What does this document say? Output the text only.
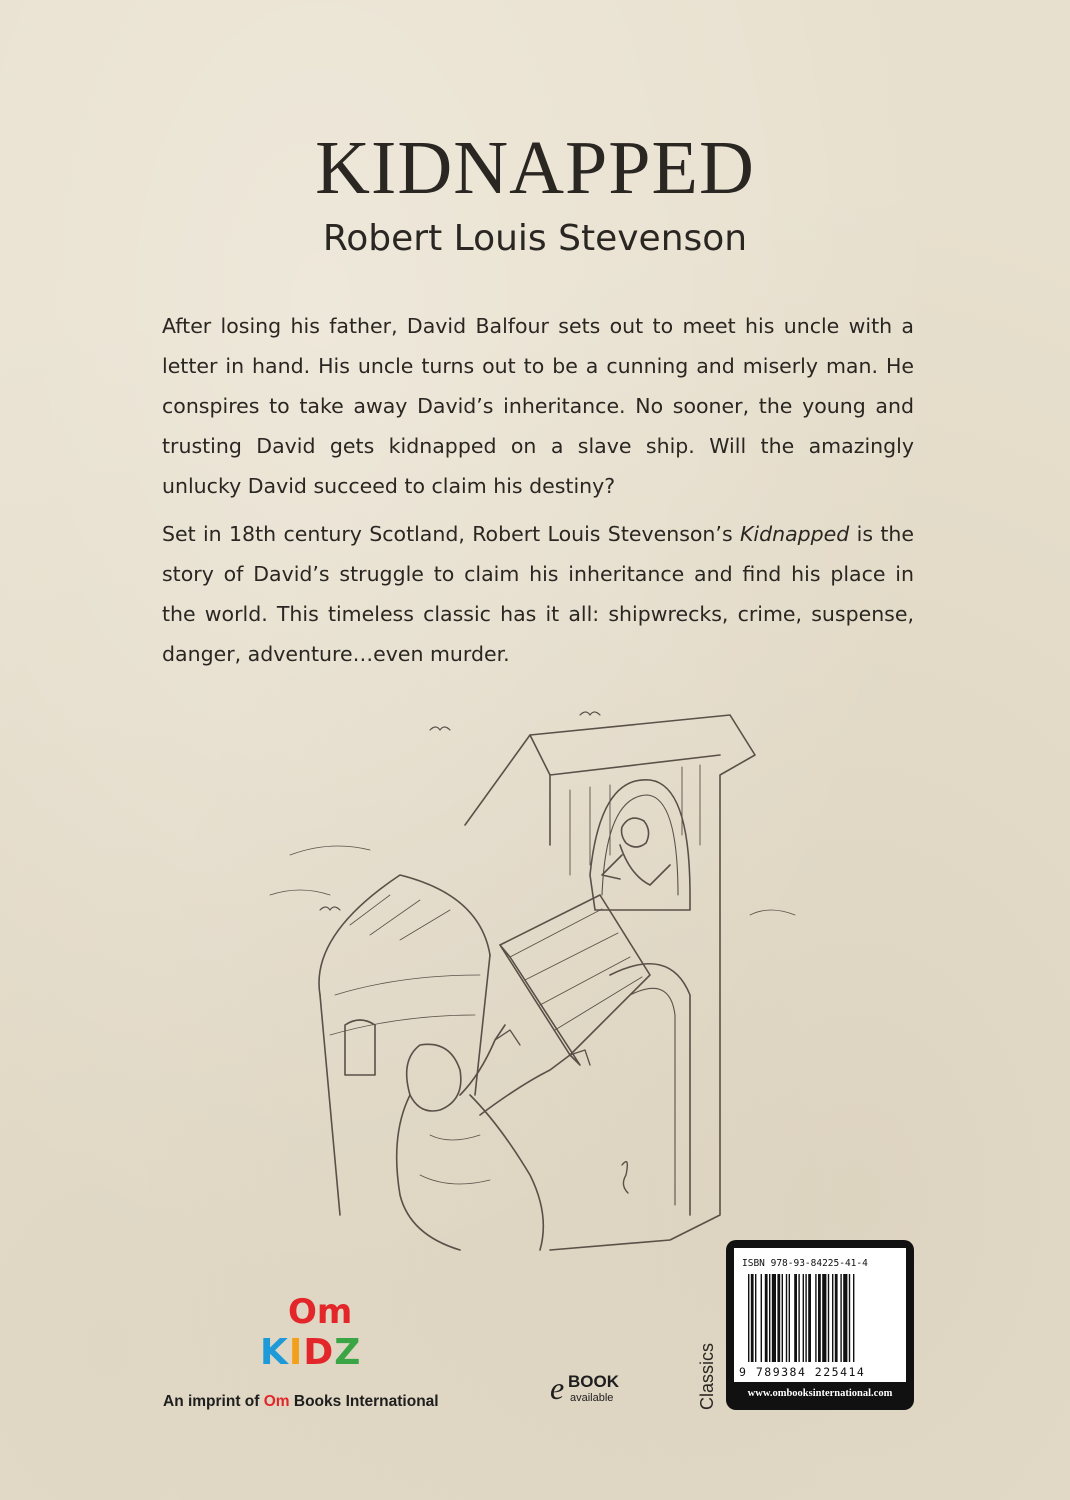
KIDNAPPED
Robert Louis Stevenson

After losing his father, David Balfour sets out to meet his uncle with a letter in hand. His uncle turns out to be a cunning and miserly man. He conspires to take away David’s inheritance. No sooner, the young and trusting David gets kidnapped on a slave ship. Will the amazingly unlucky David succeed to claim his destiny?

Set in 18th century Scotland, Robert Louis Stevenson’s Kidnapped is the story of David’s struggle to claim his inheritance and find his place in the world. This timeless classic has it all: shipwrecks, crime, suspense, danger, adventure…even murder.

Om
KIDZ
An imprint of Om Books International	e BOOK
available	Classics
ISBN 978-93-84225-41-4
9 789384 225414
www.ombooksinternational.com
